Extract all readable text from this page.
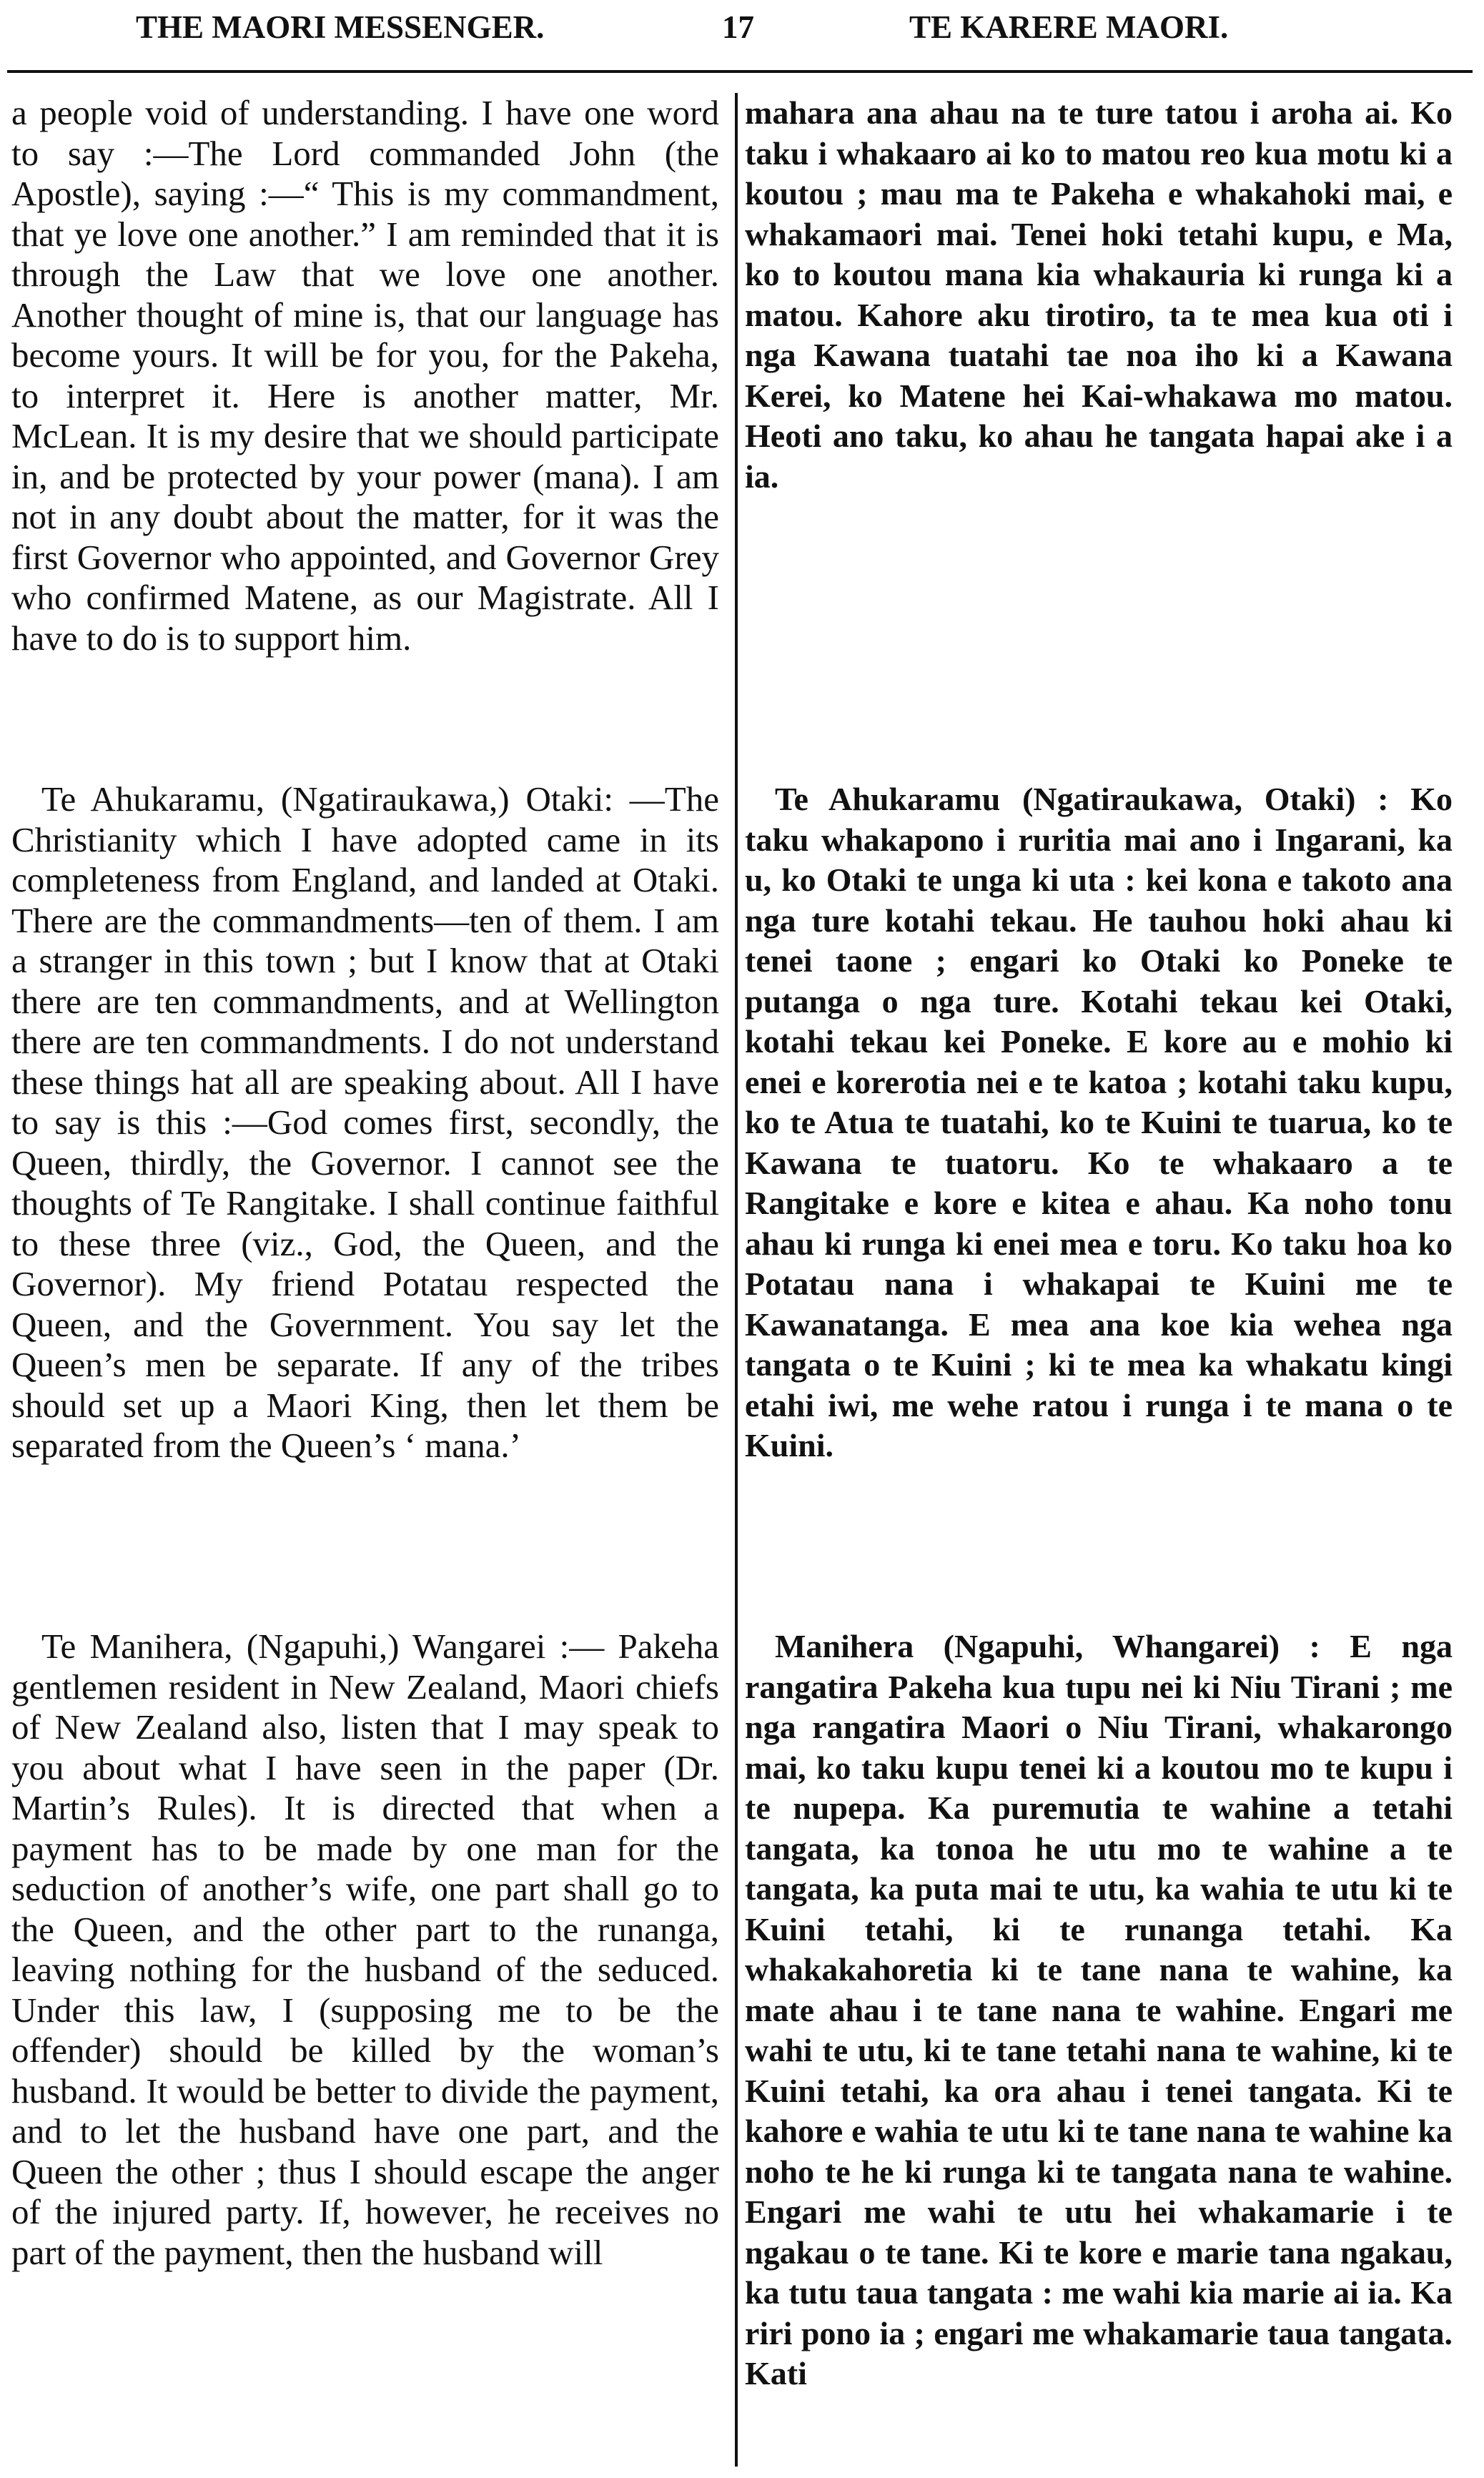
THE MAORI MESSENGER.	17	TE KARERE MAORI.

a people void of understanding. I have one word to say :—The Lord commanded John (the Apostle), saying :—“ This is my commandment, that ye love one another.” I am reminded that it is through the Law that we love one another. Another thought of mine is, that our language has become yours. It will be for you, for the Pakeha, to interpret it. Here is another matter, Mr. McLean. It is my desire that we should participate in, and be protected by your power (mana). I am not in any doubt about the matter, for it was the first Governor who appointed, and Governor Grey who confirmed Matene, as our Magistrate. All I have to do is to support him.

Te Ahukaramu, (Ngatiraukawa,) Otaki: —The Christianity which I have adopted came in its completeness from England, and landed at Otaki. There are the commandments—ten of them. I am a stranger in this town ; but I know that at Otaki there are ten commandments, and at Wellington there are ten commandments. I do not understand these things hat all are speaking about. All I have to say is this :—God comes first, secondly, the Queen, thirdly, the Governor. I cannot see the thoughts of Te Rangitake. I shall continue faithful to these three (viz., God, the Queen, and the Governor). My friend Potatau respected the Queen, and the Government. You say let the Queen’s men be separate. If any of the tribes should set up a Maori King, then let them be separated from the Queen’s ‘ mana.’

Te Manihera, (Ngapuhi,) Wangarei :— Pakeha gentlemen resident in New Zealand, Maori chiefs of New Zealand also, listen that I may speak to you about what I have seen in the paper (Dr. Martin’s Rules). It is directed that when a payment has to be made by one man for the seduction of another’s wife, one part shall go to the Queen, and the other part to the runanga, leaving nothing for the husband of the seduced. Under this law, I (supposing me to be the offender) should be killed by the woman’s husband. It would be better to divide the payment, and to let the husband have one part, and the Queen the other ; thus I should escape the anger of the injured party. If, however, he receives no part of the payment, then the husband will

mahara ana ahau na te ture tatou i aroha ai. Ko taku i whakaaro ai ko to matou reo kua motu ki a koutou ; mau ma te Pakeha e whakahoki mai, e whakamaori mai. Tenei hoki tetahi kupu, e Ma, ko to koutou mana kia whakauria ki runga ki a matou. Kahore aku tirotiro, ta te mea kua oti i nga Kawana tuatahi tae noa iho ki a Kawana Kerei, ko Matene hei Kai-whakawa mo matou. Heoti ano taku, ko ahau he tangata hapai ake i a ia.

Te Ahukaramu (Ngatiraukawa, Otaki) : Ko taku whakapono i ruritia mai ano i Ingarani, ka u, ko Otaki te unga ki uta : kei kona e takoto ana nga ture kotahi tekau. He tauhou hoki ahau ki tenei taone ; engari ko Otaki ko Poneke te putanga o nga ture. Kotahi tekau kei Otaki, kotahi tekau kei Poneke. E kore au e mohio ki enei e korerotia nei e te katoa ; kotahi taku kupu, ko te Atua te tuatahi, ko te Kuini te tuarua, ko te Kawana te tuatoru. Ko te whakaaro a te Rangitake e kore e kitea e ahau. Ka noho tonu ahau ki runga ki enei mea e toru. Ko taku hoa ko Potatau nana i whakapai te Kuini me te Kawanatanga. E mea ana koe kia wehea nga tangata o te Kuini ; ki te mea ka whakatu kingi etahi iwi, me wehe ratou i runga i te mana o te Kuini.

Manihera (Ngapuhi, Whangarei) : E nga rangatira Pakeha kua tupu nei ki Niu Tirani ; me nga rangatira Maori o Niu Tirani, whakarongo mai, ko taku kupu tenei ki a koutou mo te kupu i te nupepa. Ka puremutia te wahine a tetahi tangata, ka tonoa he utu mo te wahine a te tangata, ka puta mai te utu, ka wahia te utu ki te Kuini tetahi, ki te runanga tetahi. Ka whakakahoretia ki te tane nana te wahine, ka mate ahau i te tane nana te wahine. Engari me wahi te utu, ki te tane tetahi nana te wahine, ki te Kuini tetahi, ka ora ahau i tenei tangata. Ki te kahore e wahia te utu ki te tane nana te wahine ka noho te he ki runga ki te tangata nana te wahine. Engari me wahi te utu hei whakamarie i te ngakau o te tane. Ki te kore e marie tana ngakau, ka tutu taua tangata : me wahi kia marie ai ia. Ka riri pono ia ; engari me whakamarie taua tangata. Kati
